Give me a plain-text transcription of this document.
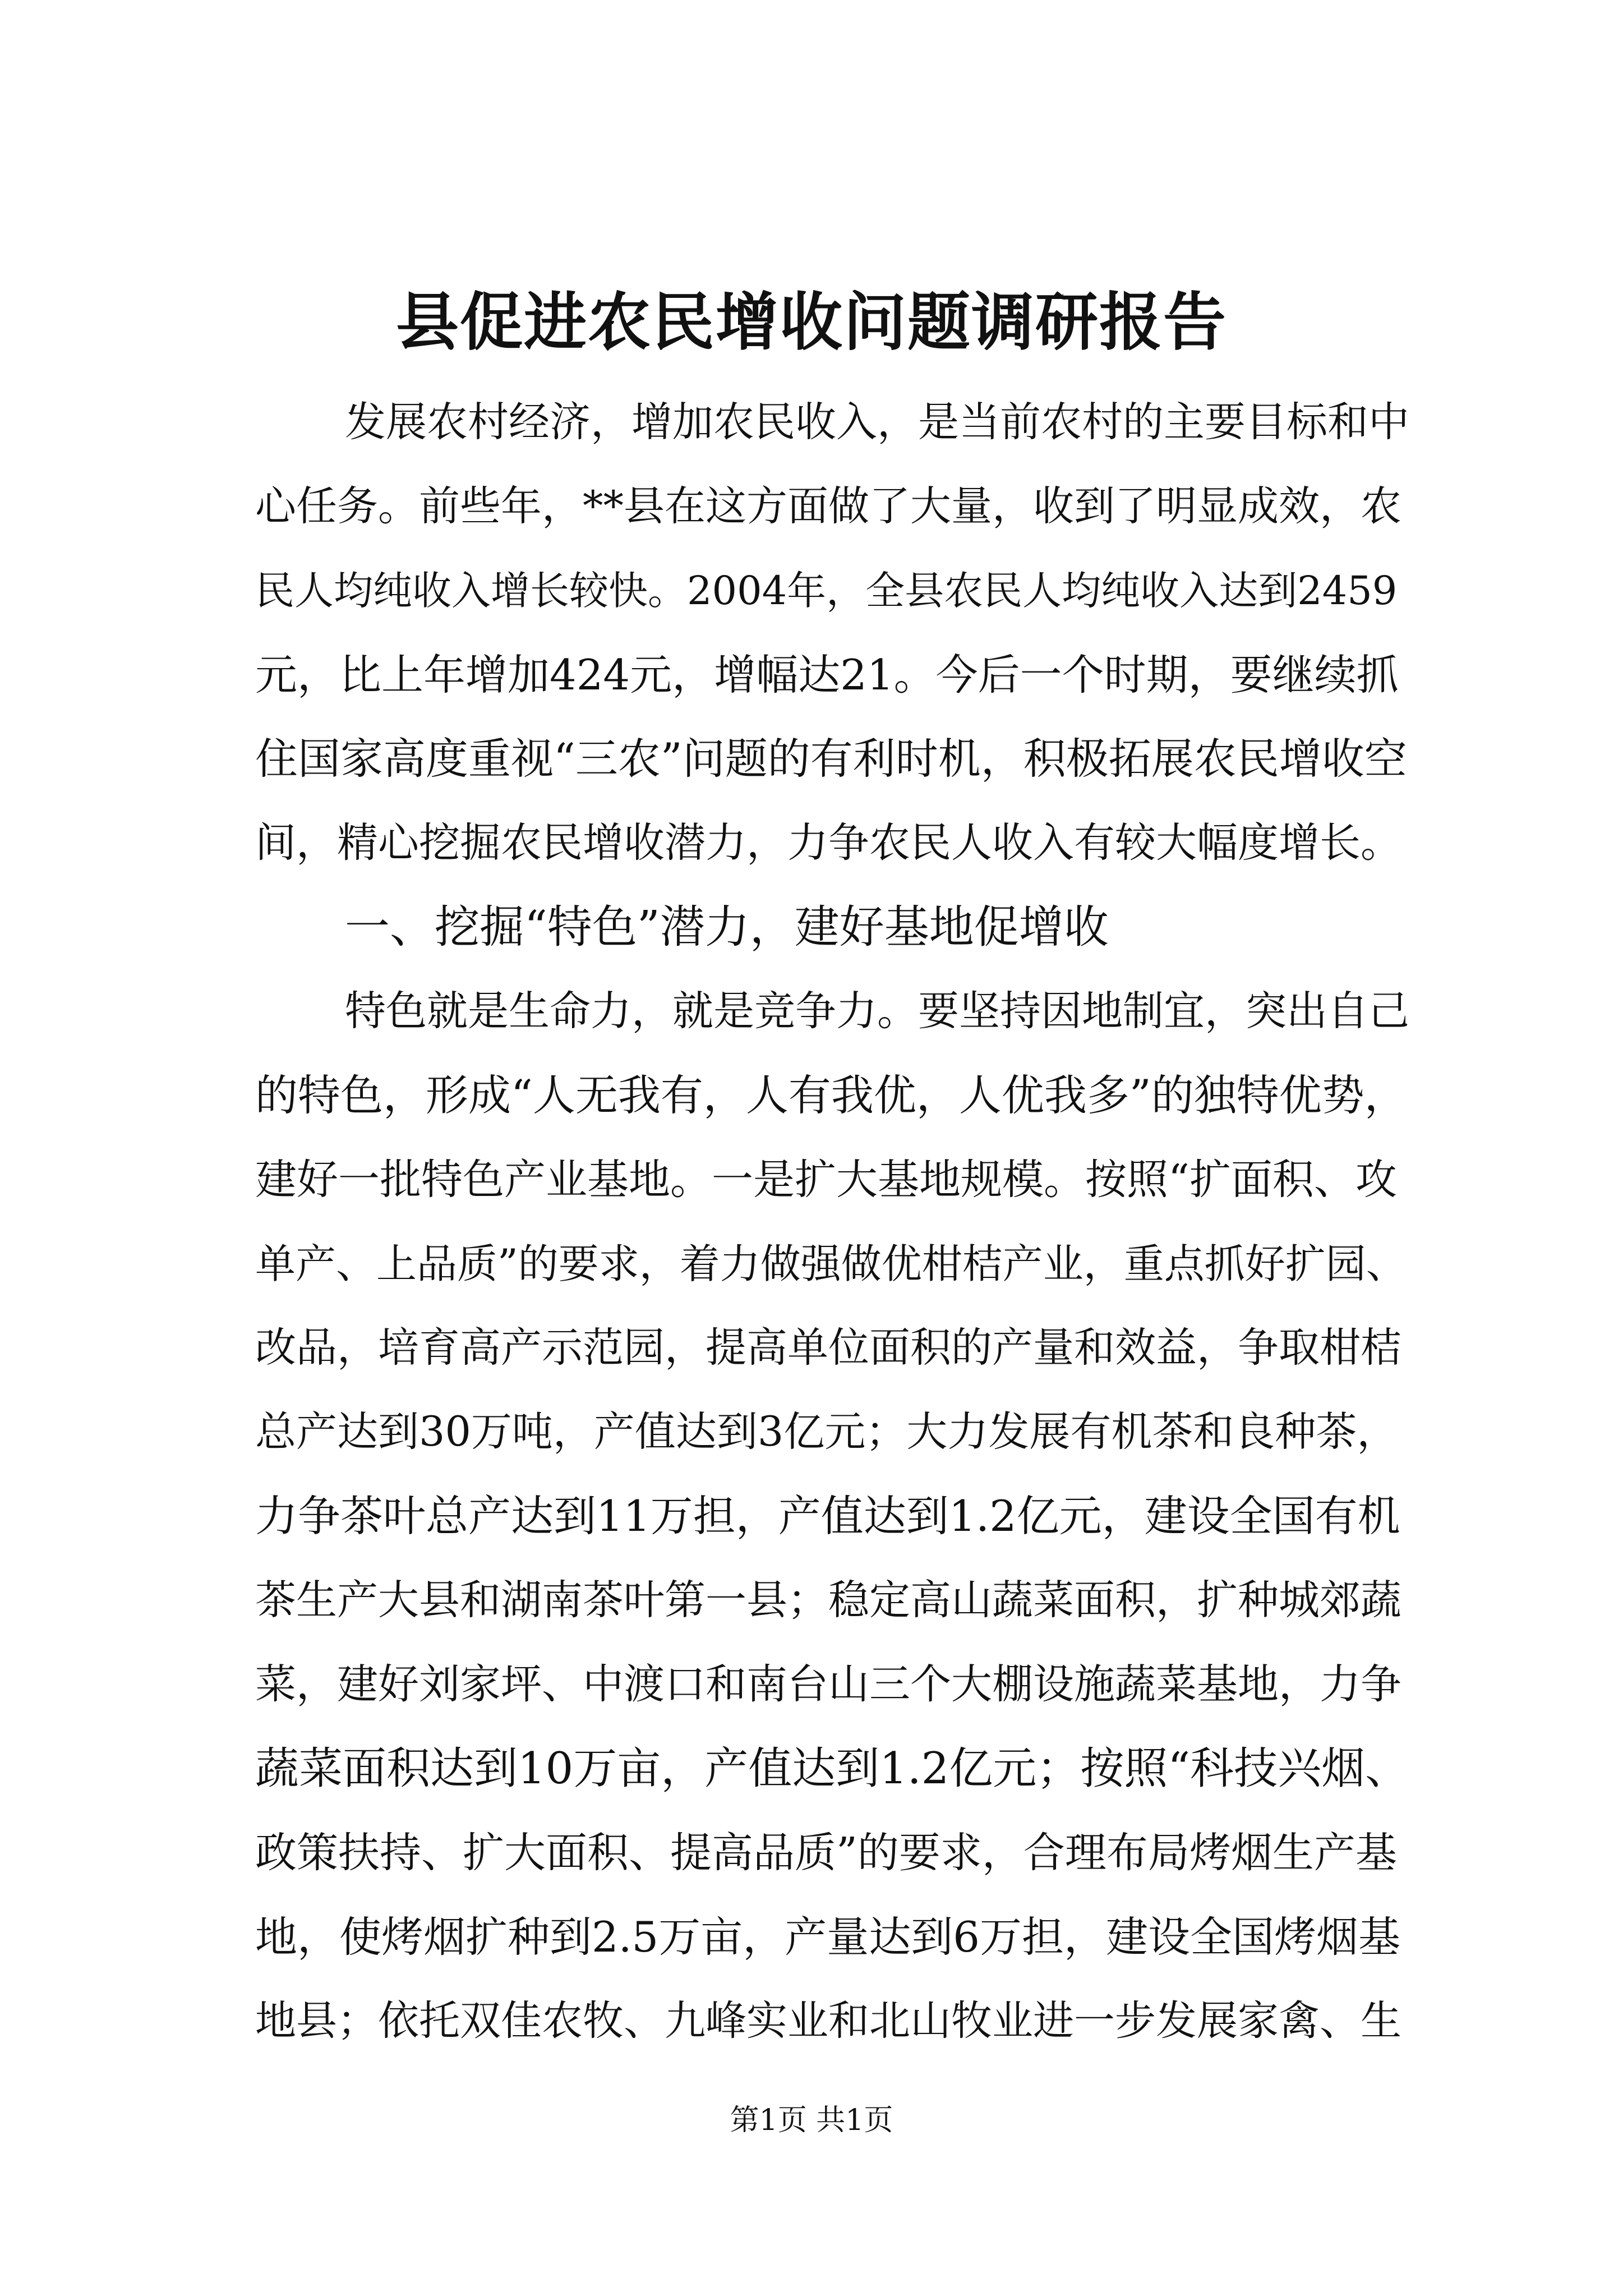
县促进农民增收问题调研报告
发展农村经济，增加农民收入，是当前农村的主要目标和中
心任务。前些年，**县在这方面做了大量，收到了明显成效，农
民人均纯收入增长较快。2004年，全县农民人均纯收入达到2459
元，比上年增加424元，增幅达21。今后一个时期，要继续抓
住国家高度重视“三农”问题的有利时机，积极拓展农民增收空
间，精心挖掘农民增收潜力，力争农民人收入有较大幅度增长。
一、挖掘“特色”潜力，建好基地促增收
特色就是生命力，就是竞争力。要坚持因地制宜，突出自己
的特色，形成“人无我有，人有我优，人优我多”的独特优势，
建好一批特色产业基地。一是扩大基地规模。按照“扩面积、攻
单产、上品质”的要求，着力做强做优柑桔产业，重点抓好扩园、
改品，培育高产示范园，提高单位面积的产量和效益，争取柑桔
总产达到30万吨，产值达到3亿元；大力发展有机茶和良种茶，
力争茶叶总产达到11万担，产值达到1.2亿元，建设全国有机
茶生产大县和湖南茶叶第一县；稳定高山蔬菜面积，扩种城郊蔬
菜，建好刘家坪、中渡口和南台山三个大棚设施蔬菜基地，力争
蔬菜面积达到10万亩，产值达到1.2亿元；按照“科技兴烟、
政策扶持、扩大面积、提高品质”的要求，合理布局烤烟生产基
地，使烤烟扩种到2.5万亩，产量达到6万担，建设全国烤烟基
地县；依托双佳农牧、九峰实业和北山牧业进一步发展家禽、生
第1页 共1页
